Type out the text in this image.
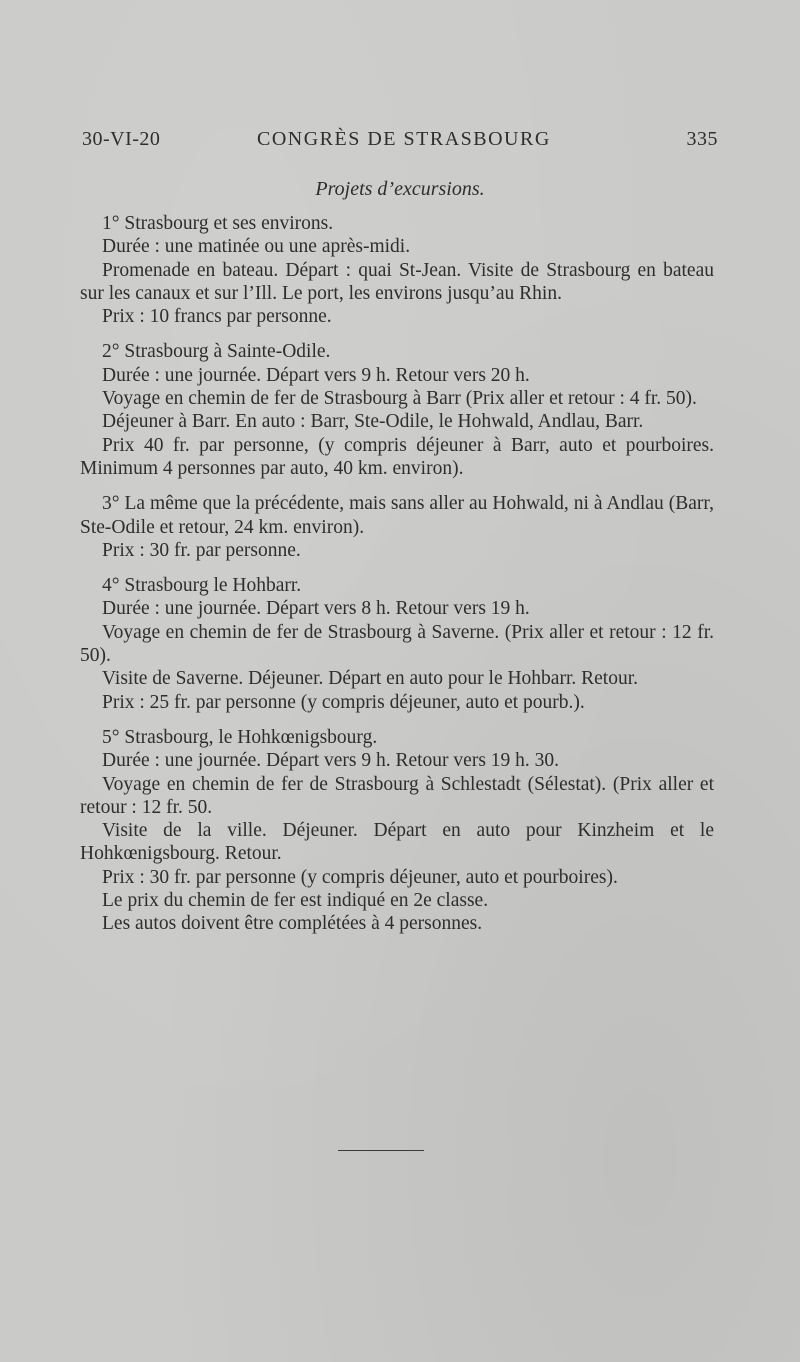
30-VI-20	CONGRÈS DE STRASBOURG	335
Projets d’excursions.

1° Strasbourg et ses environs.

Durée : une matinée ou une après-midi.

Promenade en bateau. Départ : quai St-Jean. Visite de Strasbourg en bateau sur les canaux et sur l’Ill. Le port, les environs jusqu’au Rhin.

Prix : 10 francs par personne.

2° Strasbourg à Sainte-Odile.

Durée : une journée. Départ vers 9 h. Retour vers 20 h.

Voyage en chemin de fer de Strasbourg à Barr (Prix aller et retour : 4 fr. 50).

Déjeuner à Barr. En auto : Barr, Ste-Odile, le Hohwald, Andlau, Barr.

Prix 40 fr. par personne, (y compris déjeuner à Barr, auto et pourboires. Minimum 4 personnes par auto, 40 km. environ).

3° La même que la précédente, mais sans aller au Hohwald, ni à Andlau (Barr, Ste-Odile et retour, 24 km. environ).

Prix : 30 fr. par personne.

4° Strasbourg le Hohbarr.

Durée : une journée. Départ vers 8 h. Retour vers 19 h.

Voyage en chemin de fer de Strasbourg à Saverne. (Prix aller et retour : 12 fr. 50).

Visite de Saverne. Déjeuner. Départ en auto pour le Hohbarr. Retour.

Prix : 25 fr. par personne (y compris déjeuner, auto et pourb.).

5° Strasbourg, le Hohkœnigsbourg.

Durée : une journée. Départ vers 9 h. Retour vers 19 h. 30.

Voyage en chemin de fer de Strasbourg à Schlestadt (Sélestat). (Prix aller et retour : 12 fr. 50.

Visite de la ville. Déjeuner. Départ en auto pour Kinzheim et le Hohkœnigsbourg. Retour.

Prix : 30 fr. par personne (y compris déjeuner, auto et pourboires).

Le prix du chemin de fer est indiqué en 2e classe.

Les autos doivent être complétées à 4 personnes.
